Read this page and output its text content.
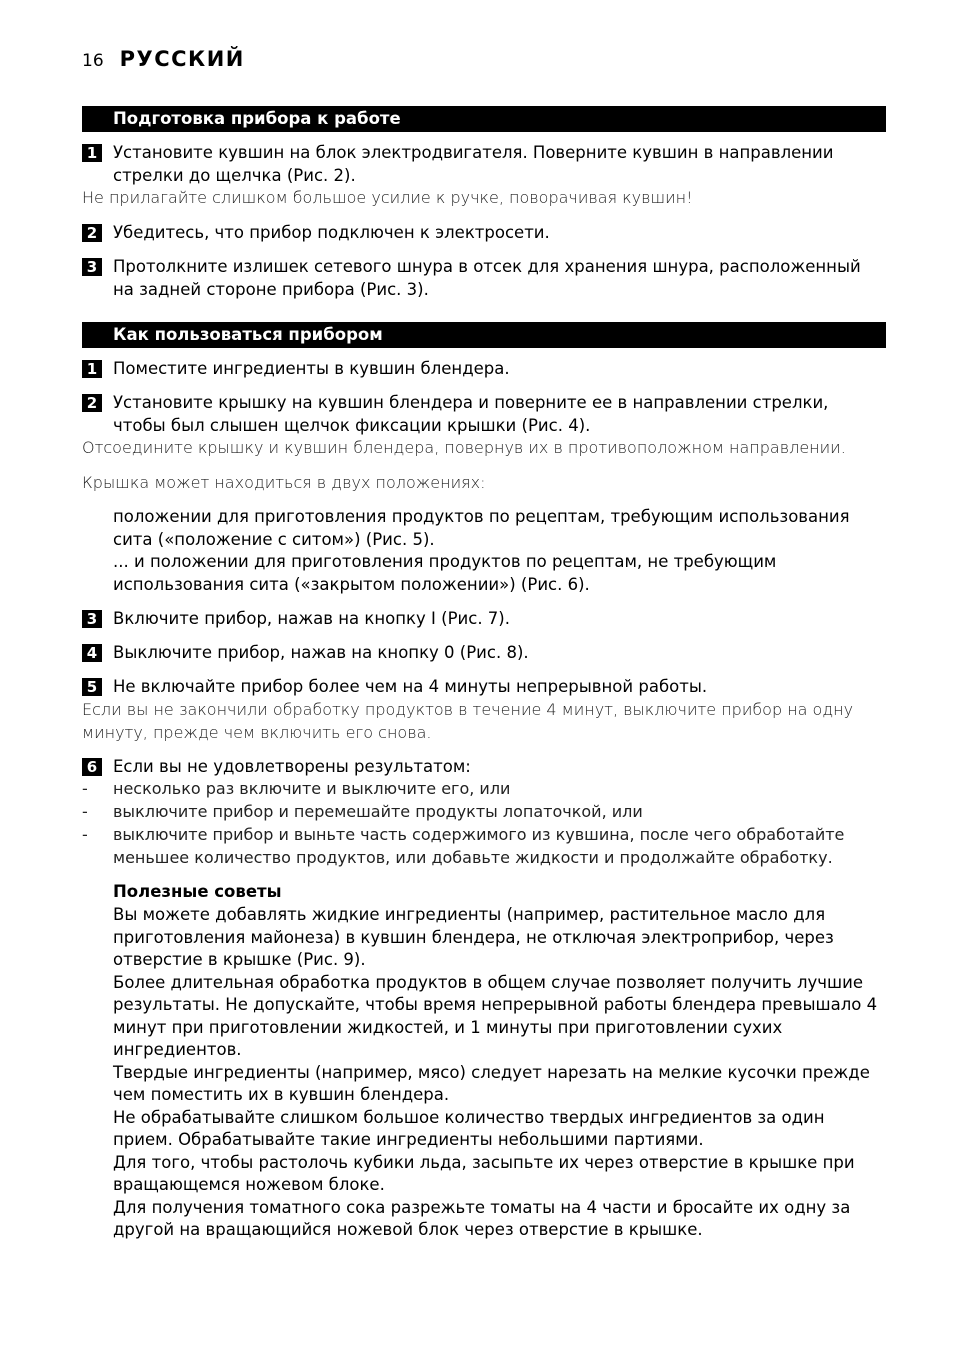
16 РУССКИЙ
Подготовка прибора к работе
1 Установите кувшин на блок электродвигателя. Поверните кувшин в направлении стрелки до щелчка (Рис. 2).
Не прилагайте слишком большое усилие к ручке, поворачивая кувшин!
2 Убедитесь, что прибор подключен к электросети.
3 Протолкните излишек сетевого шнура в отсек для хранения шнура, расположенный на задней стороне прибора (Рис. 3).
Как пользоваться прибором
1 Поместите ингредиенты в кувшин блендера.
2 Установите крышку на кувшин блендера и поверните ее в направлении стрелки, чтобы был слышен щелчок фиксации крышки (Рис. 4).
Отсоедините крышку и кувшин блендера, повернув их в противоположном направлении.
Крышка может находиться в двух положениях:
положении для приготовления продуктов по рецептам, требующим использования сита («положение с ситом») (Рис. 5).
... и положении для приготовления продуктов по рецептам, не требующим использования сита («закрытом положении») (Рис. 6).
3 Включите прибор, нажав на кнопку I (Рис. 7).
4 Выключите прибор, нажав на кнопку 0 (Рис. 8).
5 Не включайте прибор более чем на 4 минуты непрерывной работы.
Если вы не закончили обработку продуктов в течение 4 минут, выключите прибор на одну минуту, прежде чем включить его снова.
6 Если вы не удовлетворены результатом:
-	несколько раз включите и выключите его, или
-	выключите прибор и перемешайте продукты лопаточкой, или
-	выключите прибор и выньте часть содержимого из кувшина, после чего обработайте меньшее количество продуктов, или добавьте жидкости и продолжайте обработку.
Полезные советы
Вы можете добавлять жидкие ингредиенты (например, растительное масло для приготовления майонеза) в кувшин блендера, не отключая электроприбор, через отверстие в крышке (Рис. 9).
Более длительная обработка продуктов в общем случае позволяет получить лучшие результаты. Не допускайте, чтобы время непрерывной работы блендера превышало 4 минут при приготовлении жидкостей, и 1 минуты при приготовлении сухих ингредиентов.
Твердые ингредиенты (например, мясо) следует нарезать на мелкие кусочки прежде чем поместить их в кувшин блендера.
Не обрабатывайте слишком большое количество твердых ингредиентов за один прием. Обрабатывайте такие ингредиенты небольшими партиями.
Для того, чтобы растолочь кубики льда, засыпьте их через отверстие в крышке при вращающемся ножевом блоке.
Для получения томатного сока разрежьте томаты на 4 части и бросайте их одну за другой на вращающийся ножевой блок через отверстие в крышке.
